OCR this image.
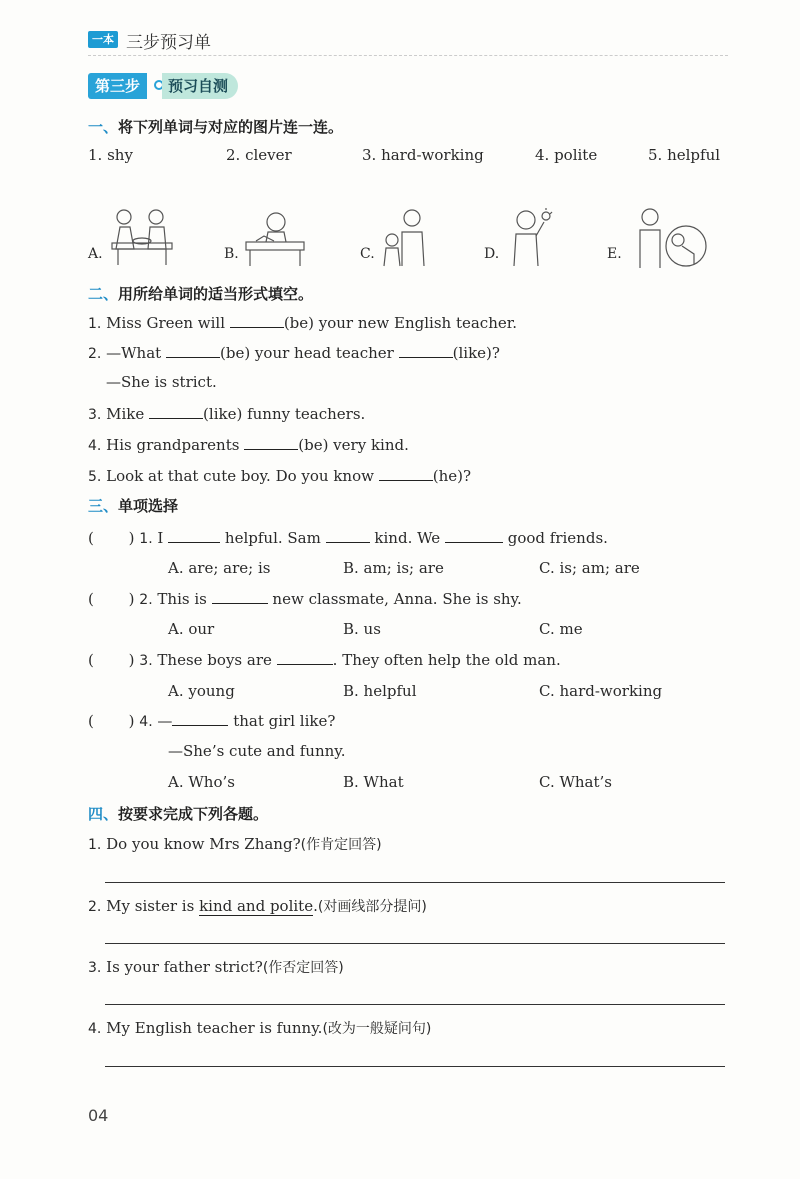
一本 三步预习单
第三步	预习自测
一、将下列单词与对应的图片连一连。
1. shy	2. clever	3. hard-working	4. polite	5. helpful
A.	B.	C.	D.	E.
二、用所给单词的适当形式填空。
1. Miss Green will	(be) your new English teacher.
2. —What	(be) your head teacher	(like)?
—She is strict.
3. Mike	(like) funny teachers.
4. His grandparents	(be) very kind.
5. Look at that cute boy. Do you know	(he)?
三、单项选择
( ) 1. I	helpful. Sam	kind. We	good friends.
A. are; are; is	B. am; is; are	C. is; am; are
( ) 2. This is	new classmate, Anna. She is shy.
A. our	B. us	C. me
( ) 3. These boys are	. They often help the old man.
A. young	B. helpful	C. hard-working
( ) 4. —	that girl like?
—She’s cute and funny.
A. Who’s	B. What	C. What’s
四、按要求完成下列各题。
1. Do you know Mrs Zhang?(作肯定回答)
2. My sister is kind and polite.(对画线部分提问)
3. Is your father strict?(作否定回答)
4. My English teacher is funny.(改为一般疑问句)
04
